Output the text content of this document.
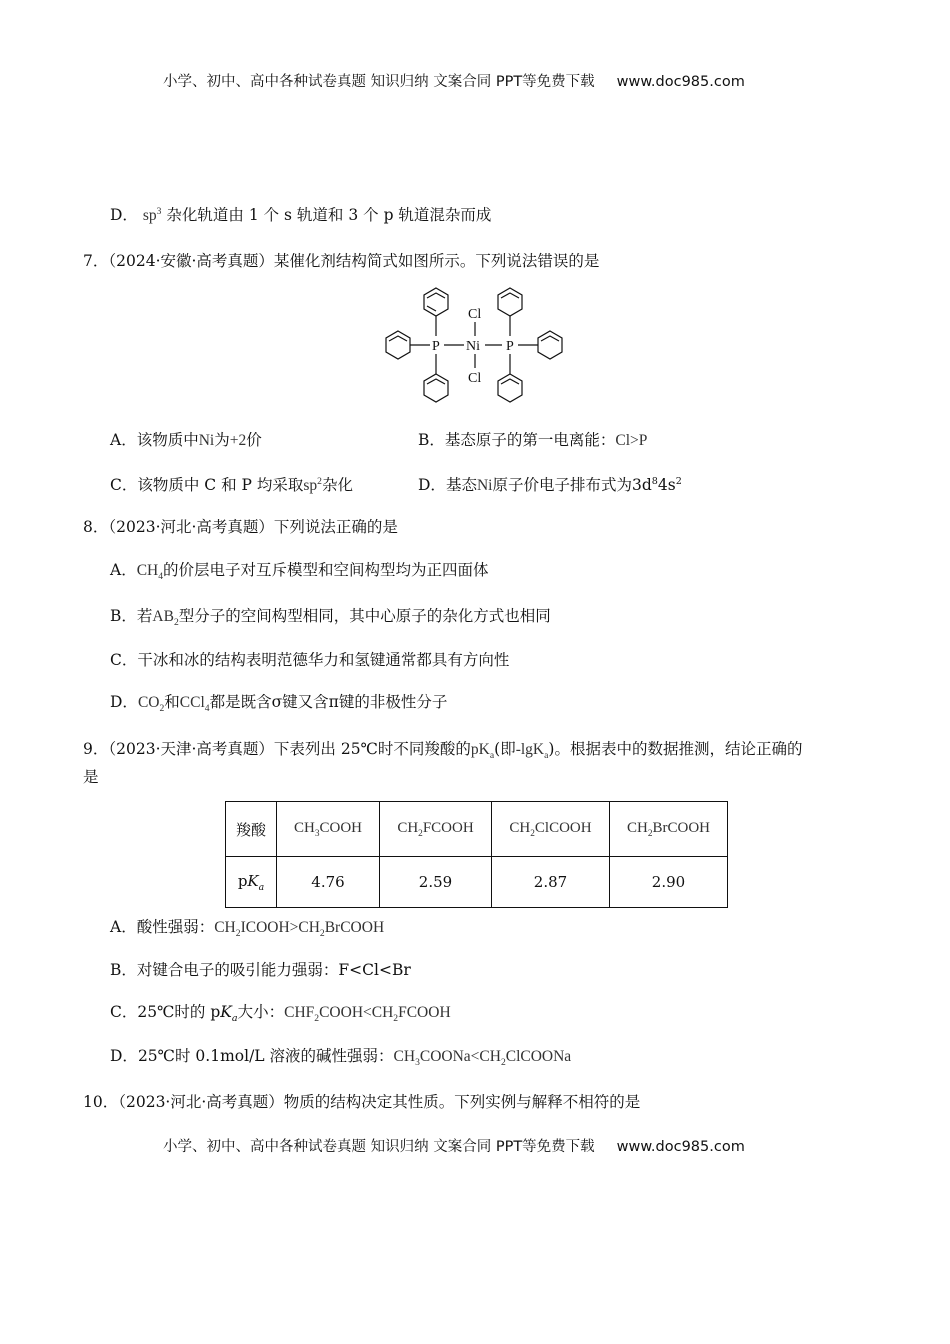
小学、初中、高中各种试卷真题 知识归纳 文案合同 PPT等免费下载 www.doc985.com
D． $sp^3$ 杂化轨道由 1 个 s 轨道和 3 个 p 轨道混杂而成
7．（2024·安徽·高考真题）某催化剂结构简式如图所示。下列说法错误的是
P Ni P
Cl
Cl
A．该物质中Ni为+2价	B．基态原子的第一电离能：Cl>P
C．该物质中 C 和 P 均采取$sp^2$杂化	D．基态Ni原子价电子排布式为$3d^84s^2$
8．（2023·河北·高考真题）下列说法正确的是
A．$CH_4$的价层电子对互斥模型和空间构型均为正四面体
B．若$AB_2$型分子的空间构型相同，其中心原子的杂化方式也相同
C．干冰和冰的结构表明范德华力和氢键通常都具有方向性
D．$CO_2$和CCl$_4$都是既含σ键又含π键的非极性分子
9．（2023·天津·高考真题）下表列出 25℃时不同羧酸的$pK_a$(即-lgK$_a$)。根据表中的数据推测，结论正确的
是
羧酸	$CH_3COOH$	$CH_2FCOOH$	$CH_2ClCOOH$	$CH_2BrCOOH$
$pK_a$	4.76	2.59	2.87	2.90
A．酸性强弱：$CH_2ICOOH>CH_2BrCOOH$
B．对键合电子的吸引能力强弱：F<Cl<Br
C．25℃时的 $pK_a$大小：$CHF_2COOH<CH_2FCOOH$
D．25℃时 0.1mol/L 溶液的碱性强弱：$CH_3COONa<CH_2ClCOONa$
10．（2023·河北·高考真题）物质的结构决定其性质。下列实例与解释不相符的是
小学、初中、高中各种试卷真题 知识归纳 文案合同 PPT等免费下载 www.doc985.com
